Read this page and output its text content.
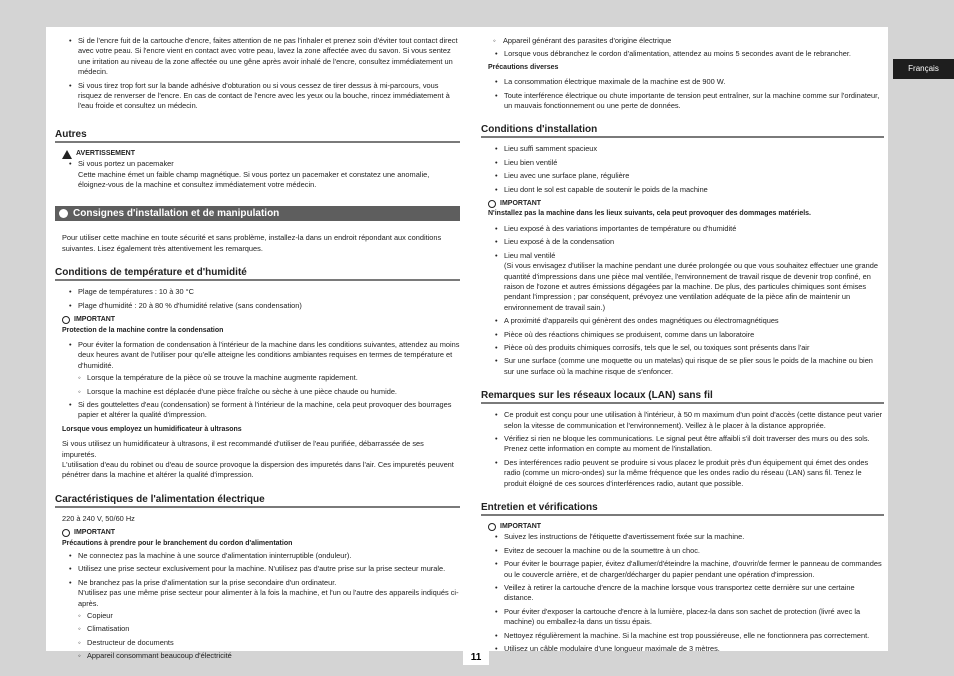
Français
11
• Si de l'encre fuit de la cartouche d'encre, faites attention de ne pas l'inhaler et prenez soin d'éviter tout contact direct avec votre peau. Si l'encre vient en contact avec votre peau, lavez la zone affectée avec du savon. Si vous sentez une irritation au niveau de la zone affectée ou une gêne après avoir inhalé de l'encre, consultez immédiatement un médecin.
• Si vous tirez trop fort sur la bande adhésive d'obturation ou si vous cessez de tirer dessus à mi-parcours, vous risquez de renverser de l'encre. En cas de contact de l'encre avec les yeux ou la bouche, rincez immédiatement à l'eau froide et consultez un médecin.
Autres
AVERTISSEMENT
• Si vous portez un pacemaker
Cette machine émet un faible champ magnétique. Si vous portez un pacemaker et constatez une anomalie, éloignez-vous de la machine et consultez immédiatement votre médecin.
Consignes d'installation et de manipulation
Pour utiliser cette machine en toute sécurité et sans problème, installez-la dans un endroit répondant aux conditions suivantes. Lisez également très attentivement les remarques.
Conditions de température et d'humidité
• Plage de températures : 10 à 30 °C
• Plage d'humidité : 20 à 80 % d'humidité relative (sans condensation)
IMPORTANT
Protection de la machine contre la condensation
• Pour éviter la formation de condensation à l'intérieur de la machine dans les conditions suivantes, attendez au moins deux heures avant de l'utiliser pour qu'elle atteigne les conditions ambiantes requises en termes de température et d'humidité.
◦ Lorsque la température de la pièce où se trouve la machine augmente rapidement.
◦ Lorsque la machine est déplacée d'une pièce fraîche ou sèche à une pièce chaude ou humide.
• Si des gouttelettes d'eau (condensation) se forment à l'intérieur de la machine, cela peut provoquer des bourrages papier et altérer la qualité d'impression.
Lorsque vous employez un humidificateur à ultrasons
Si vous utilisez un humidificateur à ultrasons, il est recommandé d'utiliser de l'eau purifiée, débarrassée de ses impuretés.
L'utilisation d'eau du robinet ou d'eau de source provoque la dispersion des impuretés dans l'air. Ces impuretés peuvent pénétrer dans la machine et altérer la qualité d'impression.
Caractéristiques de l'alimentation électrique
220 à 240 V, 50/60 Hz
IMPORTANT
Précautions à prendre pour le branchement du cordon d'alimentation
• Ne connectez pas la machine à une source d'alimentation ininterruptible (onduleur).
• Utilisez une prise secteur exclusivement pour la machine. N'utilisez pas d'autre prise sur la prise secteur murale.
• Ne branchez pas la prise d'alimentation sur la prise secondaire d'un ordinateur.
N'utilisez pas une même prise secteur pour alimenter à la fois la machine, et l'un ou l'autre des appareils indiqués ci-après.
◦ Copieur
◦ Climatisation
◦ Destructeur de documents
◦ Appareil consommant beaucoup d'électricité
◦ Appareil générant des parasites d'origine électrique
• Lorsque vous débranchez le cordon d'alimentation, attendez au moins 5 secondes avant de le rebrancher.
Précautions diverses
• La consommation électrique maximale de la machine est de 900 W.
• Toute interférence électrique ou chute importante de tension peut entraîner, sur la machine comme sur l'ordinateur, un mauvais fonctionnement ou une perte de données.
Conditions d'installation
• Lieu suffi samment spacieux
• Lieu bien ventilé
• Lieu avec une surface plane, régulière
• Lieu dont le sol est capable de soutenir le poids de la machine
IMPORTANT
N'installez pas la machine dans les lieux suivants, cela peut provoquer des dommages matériels.
• Lieu exposé à des variations importantes de température ou d'humidité
• Lieu exposé à de la condensation
• Lieu mal ventilé
(Si vous envisagez d'utiliser la machine pendant une durée prolongée ou que vous souhaitez effectuer une grande quantité d'impressions dans une pièce mal ventilée, l'environnement de travail risque de devenir trop confiné, en raison de l'ozone et autres émissions dégagées par la machine. De plus, des particules chimiques sont émises pendant l'impression ; par conséquent, prévoyez une ventilation adéquate de la pièce afin de maintenir un environnement de travail sain.)
• A proximité d'appareils qui génèrent des ondes magnétiques ou électromagnétiques
• Pièce où des réactions chimiques se produisent, comme dans un laboratoire
• Pièce où des produits chimiques corrosifs, tels que le sel, ou toxiques sont présents dans l'air
• Sur une surface (comme une moquette ou un matelas) qui risque de se plier sous le poids de la machine ou bien sur une surface où la machine risque de s'enfoncer.
Remarques sur les réseaux locaux (LAN) sans fil
• Ce produit est conçu pour une utilisation à l'intérieur, à 50 m maximum d'un point d'accès (cette distance peut varier selon la vitesse de communication et l'environnement). Veillez à le placer à la distance appropriée.
• Vérifiez si rien ne bloque les communications. Le signal peut être affaibli s'il doit traverser des murs ou des sols. Prenez cette information en compte au moment de l'installation.
• Des interférences radio peuvent se produire si vous placez le produit près d'un équipement qui émet des ondes radio (comme un micro-ondes) sur la même fréquence que les ondes radio du réseau (LAN) sans fil. Tenez le produit éloigné de ces sources d'interférences radio, autant que possible.
Entretien et vérifications
IMPORTANT
• Suivez les instructions de l'étiquette d'avertissement fixée sur la machine.
• Evitez de secouer la machine ou de la soumettre à un choc.
• Pour éviter le bourrage papier, évitez d'allumer/d'éteindre la machine, d'ouvrir/de fermer le panneau de commandes ou le couvercle arrière, et de charger/décharger du papier pendant une opération d'impression.
• Veillez à retirer la cartouche d'encre de la machine lorsque vous transportez cette dernière sur une certaine distance.
• Pour éviter d'exposer la cartouche d'encre à la lumière, placez-la dans son sachet de protection (livré avec la machine) ou emballez-la dans un tissu épais.
• Nettoyez régulièrement la machine. Si la machine est trop poussiéreuse, elle ne fonctionnera pas correctement.
• Utilisez un câble modulaire d'une longueur maximale de 3 mètres.
